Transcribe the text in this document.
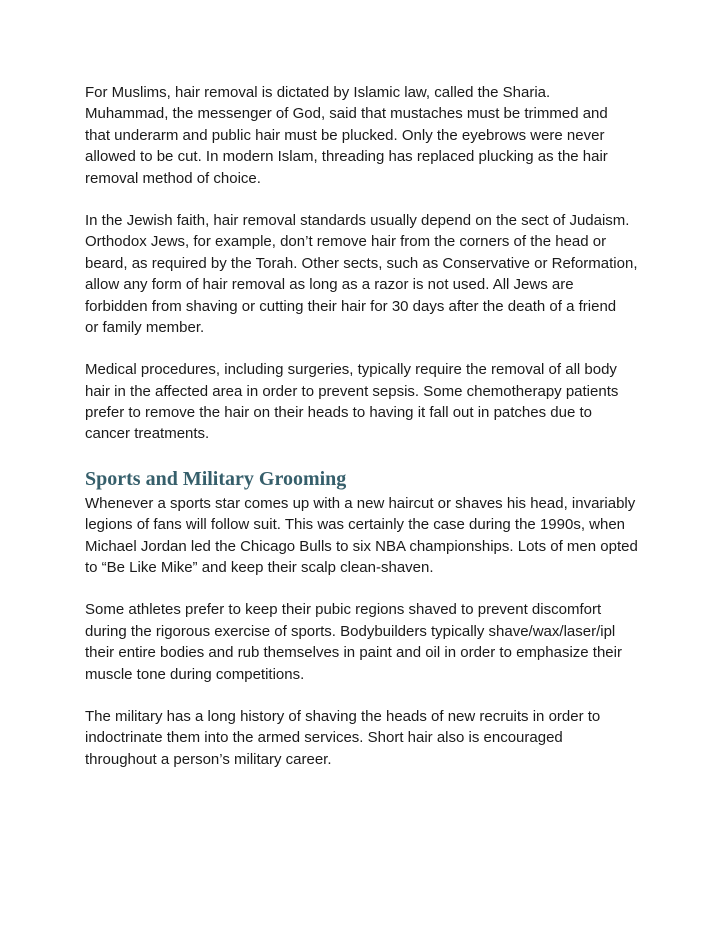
For Muslims, hair removal is dictated by Islamic law, called the Sharia.
Muhammad, the messenger of God, said that mustaches must be trimmed and
that underarm and public hair must be plucked. Only the eyebrows were never
allowed to be cut. In modern Islam, threading has replaced plucking as the hair
removal method of choice.
In the Jewish faith, hair removal standards usually depend on the sect of Judaism.
Orthodox Jews, for example, don’t remove hair from the corners of the head or
beard, as required by the Torah. Other sects, such as Conservative or Reformation,
allow any form of hair removal as long as a razor is not used. All Jews are
forbidden from shaving or cutting their hair for 30 days after the death of a friend
or family member.
Medical procedures, including surgeries, typically require the removal of all body
hair in the affected area in order to prevent sepsis. Some chemotherapy patients
prefer to remove the hair on their heads to having it fall out in patches due to
cancer treatments.
Sports and Military Grooming
Whenever a sports star comes up with a new haircut or shaves his head, invariably
legions of fans will follow suit. This was certainly the case during the 1990s, when
Michael Jordan led the Chicago Bulls to six NBA championships. Lots of men opted
to “Be Like Mike” and keep their scalp clean-shaven.
Some athletes prefer to keep their pubic regions shaved to prevent discomfort
during the rigorous exercise of sports. Bodybuilders typically shave/wax/laser/ipl
their entire bodies and rub themselves in paint and oil in order to emphasize their
muscle tone during competitions.
The military has a long history of shaving the heads of new recruits in order to
indoctrinate them into the armed services. Short hair also is encouraged
throughout a person’s military career.
